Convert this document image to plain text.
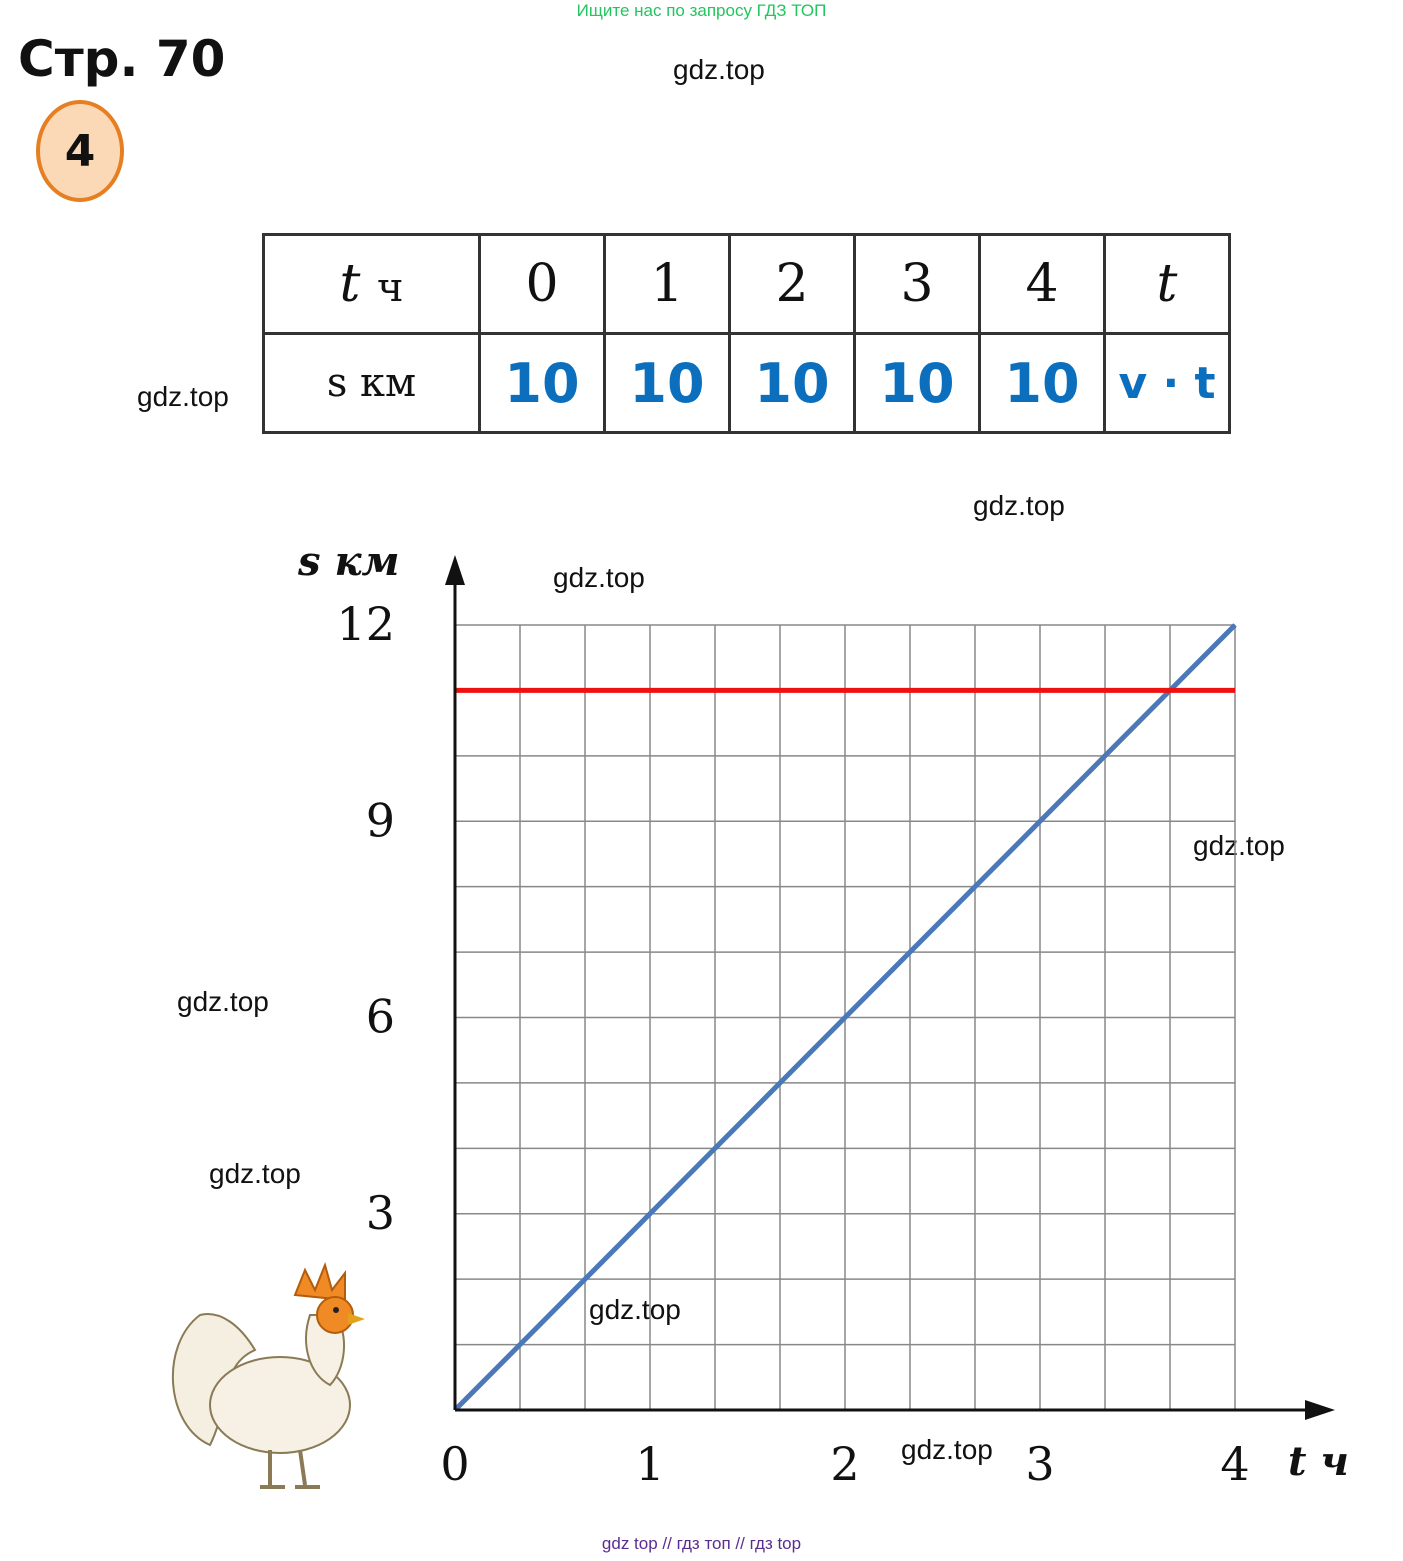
Ищите нас по запросу ГДЗ ТОП
Стр. 70
4
gdz.top
gdz.top
gdz.top
gdz.top
gdz.top
gdz.top
gdz.top
t ч	0	1	2	3	4	t
s км	10	10	10	10	10	v · t
0	1	2	3	4
3
6
9
12
s км
t ч
gdz.top
gdz.top
gdz top // гдз топ // гдз top
